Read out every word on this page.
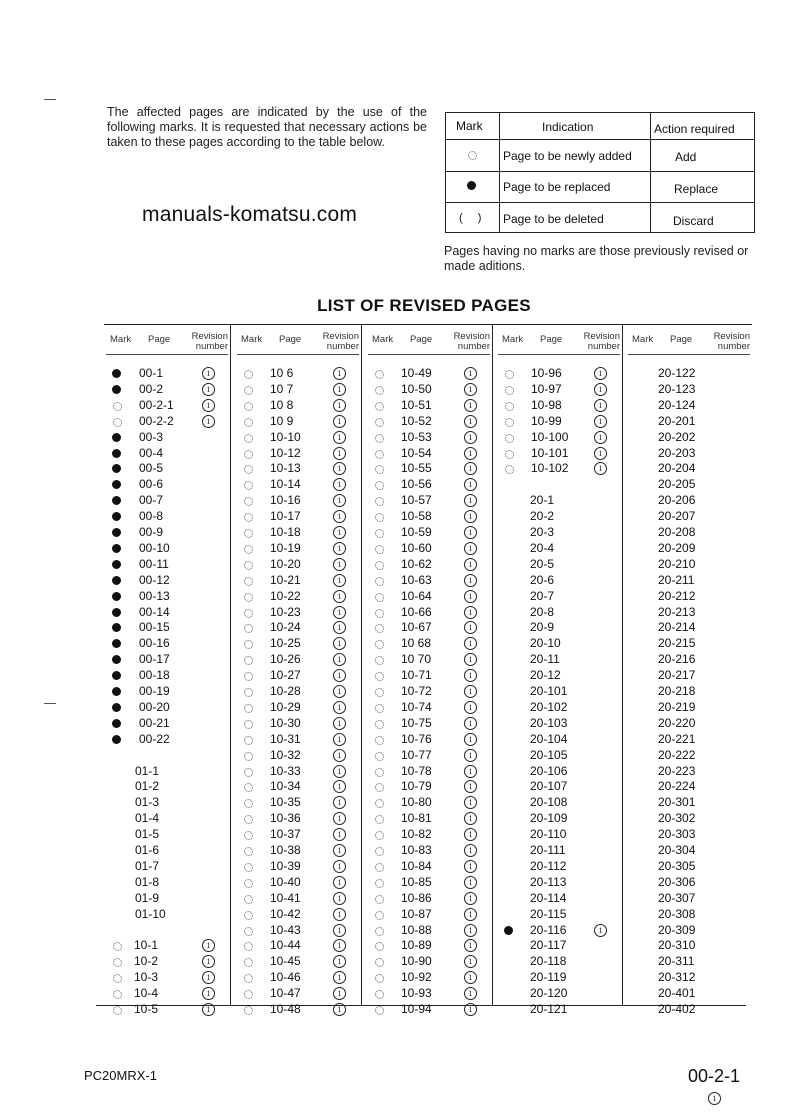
The affected pages are indicated by the use of the following marks. It is requested that necessary actions be taken to these pages according to the table below.
manuals-komatsu.com
Mark	Indication	Action required
Page to be newly added	Add
Page to be replaced	Replace
( ) Page to be deleted	Discard
Pages having no marks are those previously revised or made aditions.
LIST OF REVISED PAGES
Mark Page	Revision number
00-1	1
00-2	1
00-2-1	1
00-2-2	1
00-3
00-4
00-5
00-6
00-7
00-8
00-9
00-10
00-11
00-12
00-13
00-14
00-15
00-16
00-17
00-18
00-19
00-20
00-21
00-22
01-1
01-2
01-3
01-4
01-5
01-6
01-7
01-8
01-9
01-10
10-1	1
10-2	1
10-3	1
10-4	1
10-5	1
Mark Page	Revision number
10 6	1
10 7	1
10 8	1
10 9	1
10-10	1
10-12	1
10-13	1
10-14	1
10-16	1
10-17	1
10-18	1
10-19	1
10-20	1
10-21	1
10-22	1
10-23	1
10-24	1
10-25	1
10-26	1
10-27	1
10-28	1
10-29	1
10-30	1
10-31	1
10-32	1
10-33	1
10-34	1
10-35	1
10-36	1
10-37	1
10-38	1
10-39	1
10-40	1
10-41	1
10-42	1
10-43	1
10-44	1
10-45	1
10-46	1
10-47	1
10-48	1
Mark Page	Revision number
10-49	1
10-50	1
10-51	1
10-52	1
10-53	1
10-54	1
10-55	1
10-56	1
10-57	1
10-58	1
10-59	1
10-60	1
10-62	1
10-63	1
10-64	1
10-66	1
10-67	1
10 68	1
10 70	1
10-71	1
10-72	1
10-74	1
10-75	1
10-76	1
10-77	1
10-78	1
10-79	1
10-80	1
10-81	1
10-82	1
10-83	1
10-84	1
10-85	1
10-86	1
10-87	1
10-88	1
10-89	1
10-90	1
10-92	1
10-93	1
10-94	1
Mark Page	Revision number
10-96	1
10-97	1
10-98	1
10-99	1
10-100	1
10-101	1
10-102	1
20-1
20-2
20-3
20-4
20-5
20-6
20-7
20-8
20-9
20-10
20-11
20-12
20-101
20-102
20-103
20-104
20-105
20-106
20-107
20-108
20-109
20-110
20-111
20-112
20-113
20-114
20-115
20-116	1
20-117
20-118
20-119
20-120
20-121
Mark Page	Revision number
20-122
20-123
20-124
20-201
20-202
20-203
20-204
20-205
20-206
20-207
20-208
20-209
20-210
20-211
20-212
20-213
20-214
20-215
20-216
20-217
20-218
20-219
20-220
20-221
20-222
20-223
20-224
20-301
20-302
20-303
20-304
20-305
20-306
20-307
20-308
20-309
20-310
20-311
20-312
20-401
20-402
PC20MRX-1	00-2-1
1
